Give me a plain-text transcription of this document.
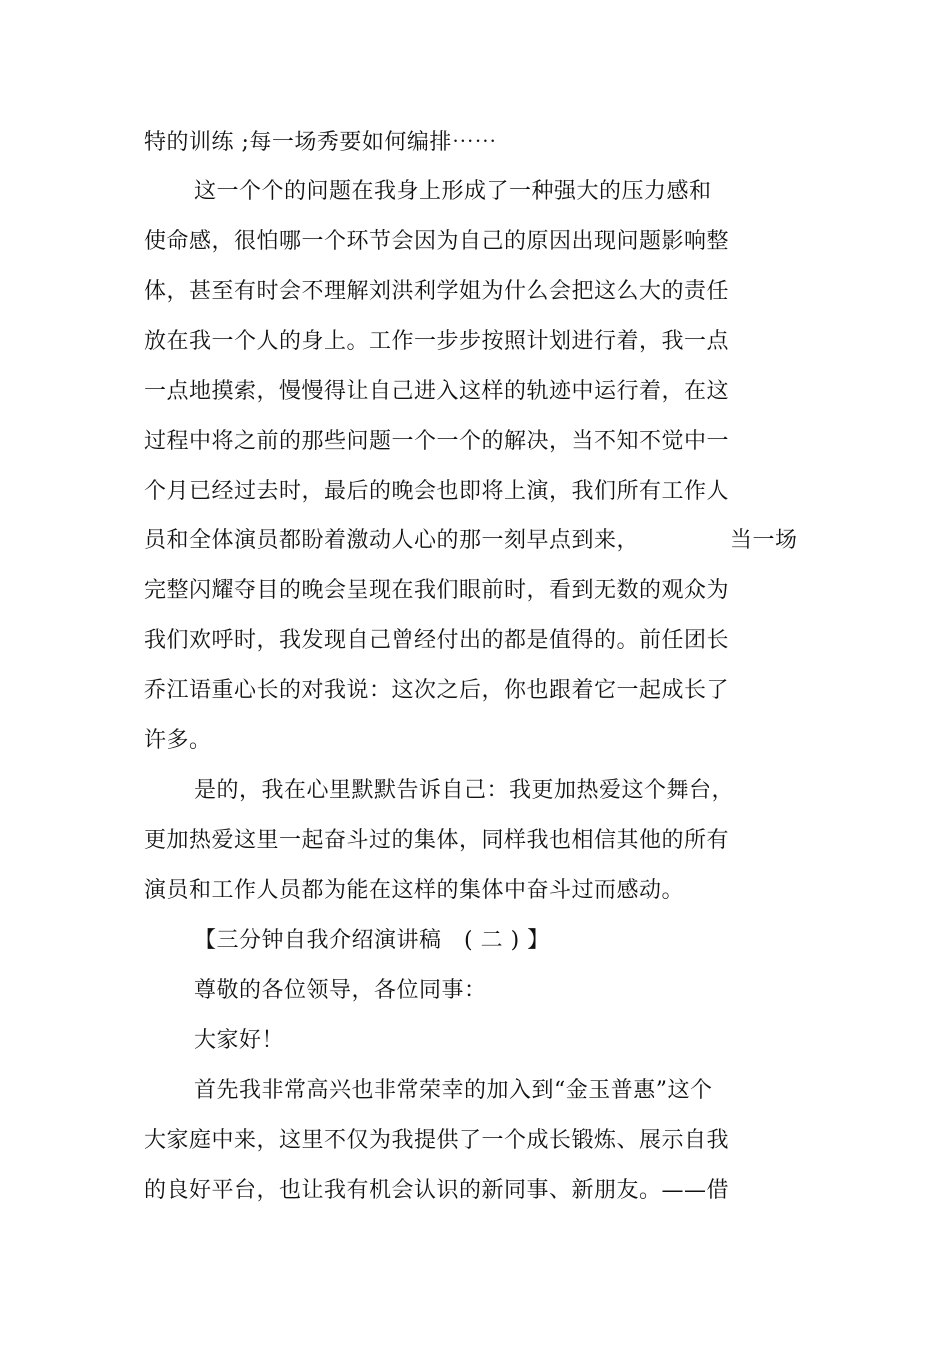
特的训练 ;每一场秀要如何编排⋯⋯
这一个个的问题在我身上形成了一种强大的压力感和
使命感，很怕哪一个环节会因为自己的原因出现问题影响整
体，甚至有时会不理解刘洪利学姐为什么会把这么大的责任
放在我一个人的身上。工作一步步按照计划进行着，我一点
一点地摸索，慢慢得让自己进入这样的轨迹中运行着，在这
过程中将之前的那些问题一个一个的解决，当不知不觉中一
个月已经过去时，最后的晚会也即将上演，我们所有工作人
员和全体演员都盼着激动人心的那一刻早点到来，	当一场
完整闪耀夺目的晚会呈现在我们眼前时，看到无数的观众为
我们欢呼时，我发现自己曾经付出的都是值得的。前任团长
乔江语重心长的对我说：这次之后，你也跟着它一起成长了
许多。
是的，我在心里默默告诉自己：我更加热爱这个舞台，
更加热爱这里一起奋斗过的集体，同样我也相信其他的所有
演员和工作人员都为能在这样的集体中奋斗过而感动。
【三分钟自我介绍演讲稿　( 二 ) 】
尊敬的各位领导，各位同事：
大家好！
首先我非常高兴也非常荣幸的加入到“金玉普惠”这个
大家庭中来，这里不仅为我提供了一个成长锻炼、展示自我
的良好平台，也让我有机会认识的新同事、新朋友。——借
